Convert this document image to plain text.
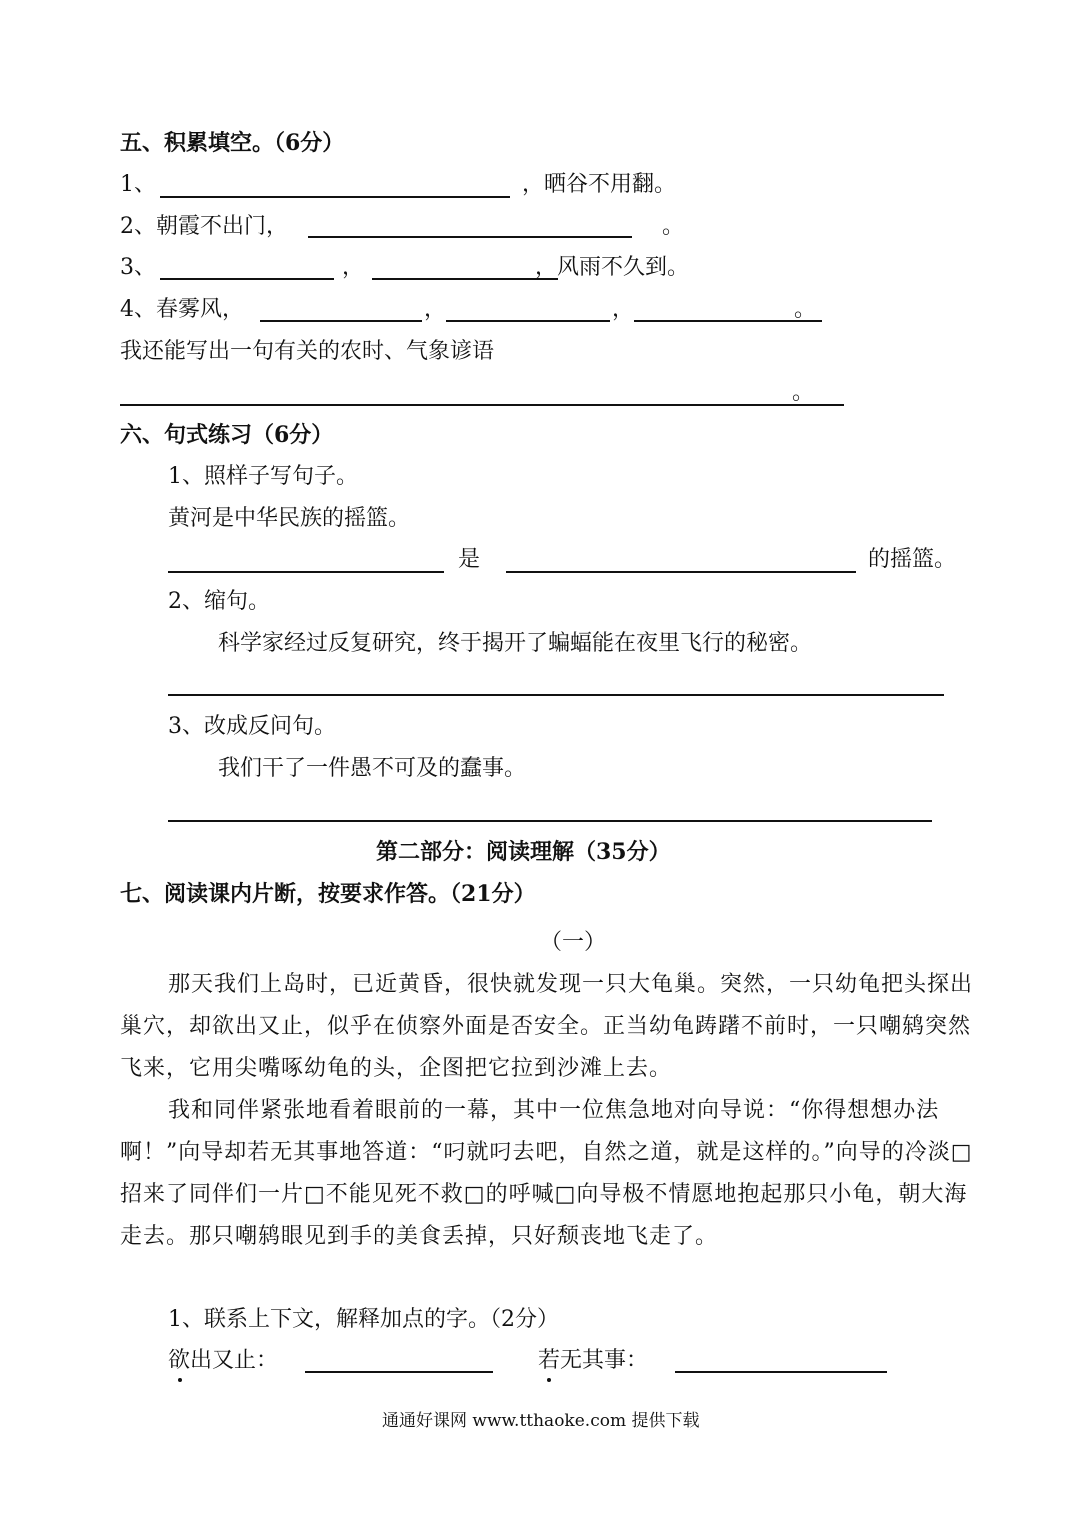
五、积累填空。（6分）
1、	，晒谷不用翻。
2、朝霞不出门，	。
3、	，	，风雨不久到。
4、春雾风，	，	，	。
我还能写出一句有关的农时、气象谚语
。
六、句式练习（6分）
1、照样子写句子。
黄河是中华民族的摇篮。
是	的摇篮。
2、缩句。
科学家经过反复研究，终于揭开了蝙蝠能在夜里飞行的秘密。
3、改成反问句。
我们干了一件愚不可及的蠢事。
第二部分：阅读理解（35分）
七、阅读课内片断，按要求作答。（21分）
（一）
那天我们上岛时，已近黄昏，很快就发现一只大龟巢。突然，一只幼龟把头探出巢穴，却欲出又止，似乎在侦察外面是否安全。正当幼龟踌躇不前时，一只嘲鸫突然飞来，它用尖嘴啄幼龟的头，企图把它拉到沙滩上去。
我和同伴紧张地看着眼前的一幕，其中一位焦急地对向导说：“你得想想办法啊！”向导却若无其事地答道：“叼就叼去吧，自然之道，就是这样的。”向导的冷淡□招来了同伴们一片□不能见死不救□的呼喊□向导极不情愿地抱起那只小龟，朝大海走去。那只嘲鸫眼见到手的美食丢掉，只好颓丧地飞走了。
1、联系上下文，解释加点的字。（2分）
欲出又止：	若无其事：
通通好课网 www.tthaoke.com 提供下载
